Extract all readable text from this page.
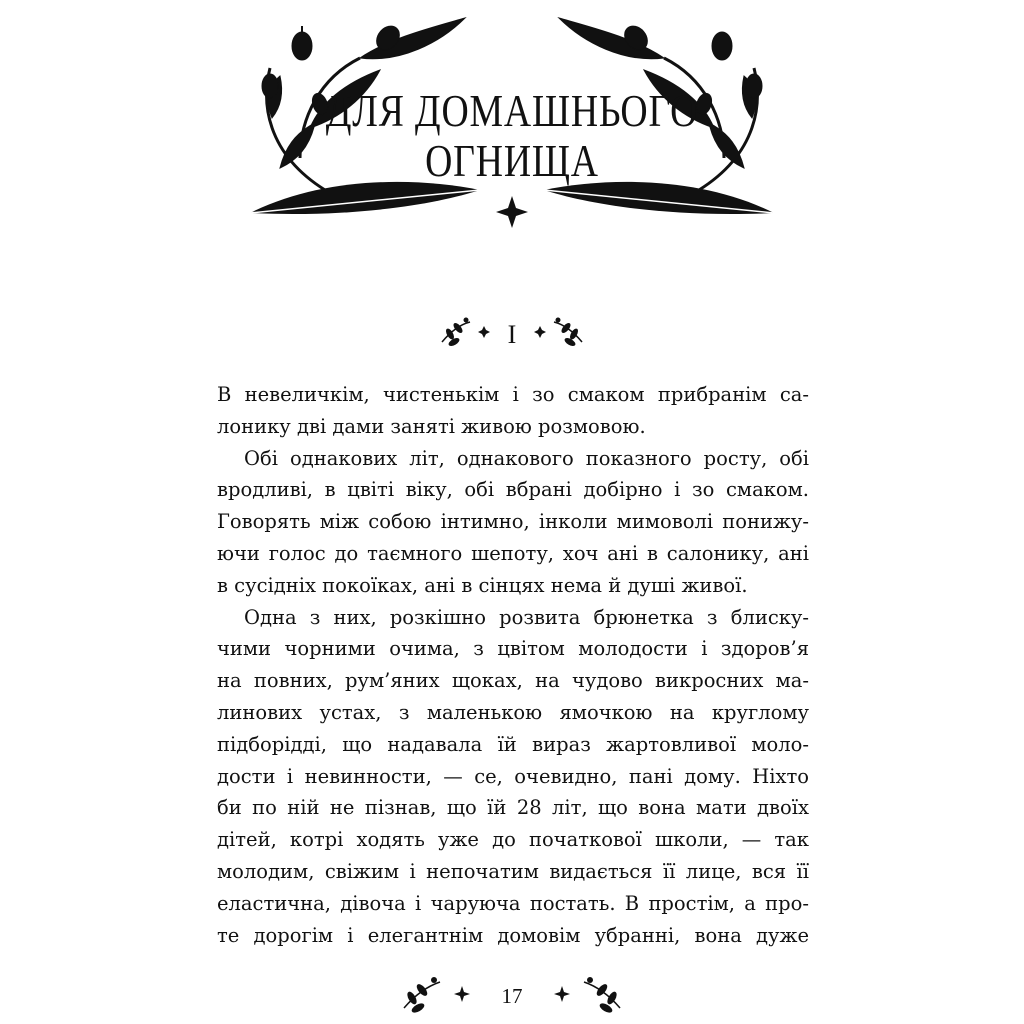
ДЛЯ ДОМАШНЬОГО
ОГНИЩА
I
В невеличкім, чистенькім і зо смаком прибранім са-
лонику дві дами заняті живою розмовою.
Обі однакових літ, однакового показного росту, обі
вродливі, в цвіті віку, обі вбрані добірно і зо смаком.
Говорять між собою інтимно, інколи мимоволі понижу-
ючи голос до таємного шепоту, хоч ані в салонику, ані
в сусідніх покоїках, ані в сінцях нема й душі живої.
Одна з них, розкішно розвита брюнетка з блиску-
чими чорними очима, з цвітом молодости і здоров’я
на повних, рум’яних щоках, на чудово викросних ма-
линових устах, з маленькою ямочкою на круглому
підборідді, що надавала їй вираз жартовливої моло-
дости і невинности, — се, очевидно, пані дому. Ніхто
би по ній не пізнав, що їй 28 літ, що вона мати двоїх
дітей, котрі ходять уже до початкової школи, — так
молодим, свіжим і непочатим видається її лице, вся її
еластична, дівоча і чаруюча постать. В простім, а про-
те дорогім і елегантнім домовім убранні, вона дуже
17
